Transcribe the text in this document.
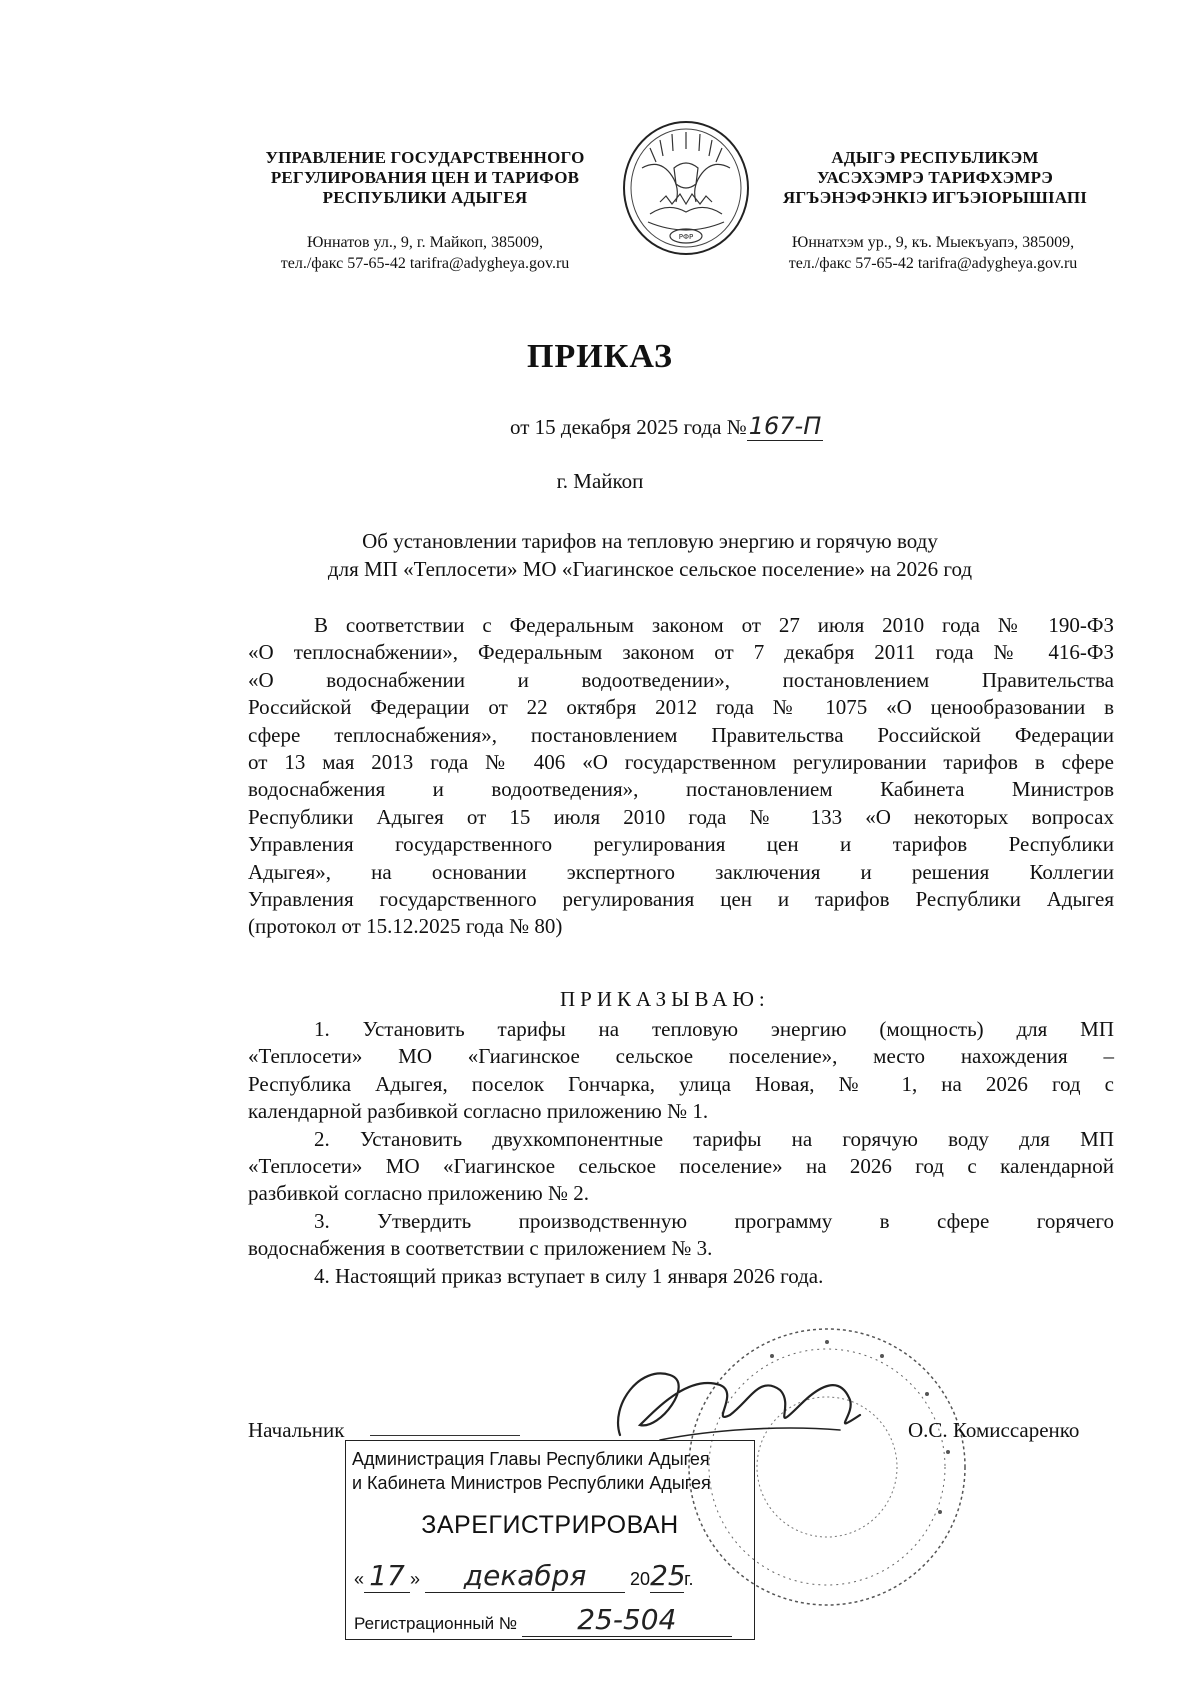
УПРАВЛЕНИЕ ГОСУДАРСТВЕННОГО
РЕГУЛИРОВАНИЯ ЦЕН И ТАРИФОВ
РЕСПУБЛИКИ АДЫГЕЯ
Юннатов ул., 9, г. Майкоп, 385009,
тел./факс 57-65-42 tarifra@adygheya.gov.ru
РФР
АДЫГЭ РЕСПУБЛИКЭМ
УАСЭХЭМРЭ ТАРИФХЭМРЭ
ЯГЪЭНЭФЭНКІЭ ИГЪЭІОРЫШІАПІ
Юннатхэм ур., 9, къ. Мыекъуапэ, 385009,
тел./факс 57-65-42 tarifra@adygheya.gov.ru
ПРИКАЗ
от 15 декабря 2025 года №167-П
г. Майкоп
Об установлении тарифов на тепловую энергию и горячую воду
для МП «Теплосети» МО «Гиагинское сельское поселение» на 2026 год
В соответствии с Федеральным законом от 27 июля 2010 года № 190-ФЗ
«О теплоснабжении», Федеральным законом от 7 декабря 2011 года № 416-ФЗ
«О водоснабжении и водоотведении», постановлением Правительства
Российской Федерации от 22 октября 2012 года № 1075 «О ценообразовании в
сфере теплоснабжения», постановлением Правительства Российской Федерации
от 13 мая 2013 года № 406 «О государственном регулировании тарифов в сфере
водоснабжения и водоотведения», постановлением Кабинета Министров
Республики Адыгея от 15 июля 2010 года № 133 «О некоторых вопросах
Управления государственного регулирования цен и тарифов Республики
Адыгея», на основании экспертного заключения и решения Коллегии
Управления государственного регулирования цен и тарифов Республики Адыгея
(протокол от 15.12.2025 года № 80)
ПРИКАЗЫВАЮ:
1. Установить тарифы на тепловую энергию (мощность) для МП
«Теплосети» МО «Гиагинское сельское поселение», место нахождения –
Республика Адыгея, поселок Гончарка, улица Новая, № 1, на 2026 год с
календарной разбивкой согласно приложению № 1.
2. Установить двухкомпонентные тарифы на горячую воду для МП
«Теплосети» МО «Гиагинское сельское поселение» на 2026 год с календарной
разбивкой согласно приложению № 2.
3. Утвердить производственную программу в сфере горячего
водоснабжения в соответствии с приложением № 3.
4. Настоящий приказ вступает в силу 1 января 2026 года.
Начальник	О.С. Комиссаренко
Администрация Главы Республики Адыгея
и Кабинета Министров Республики Адыгея
ЗАРЕГИСТРИРОВАН
« 17 » декабря 2025г.
Регистрационный № 25-504
